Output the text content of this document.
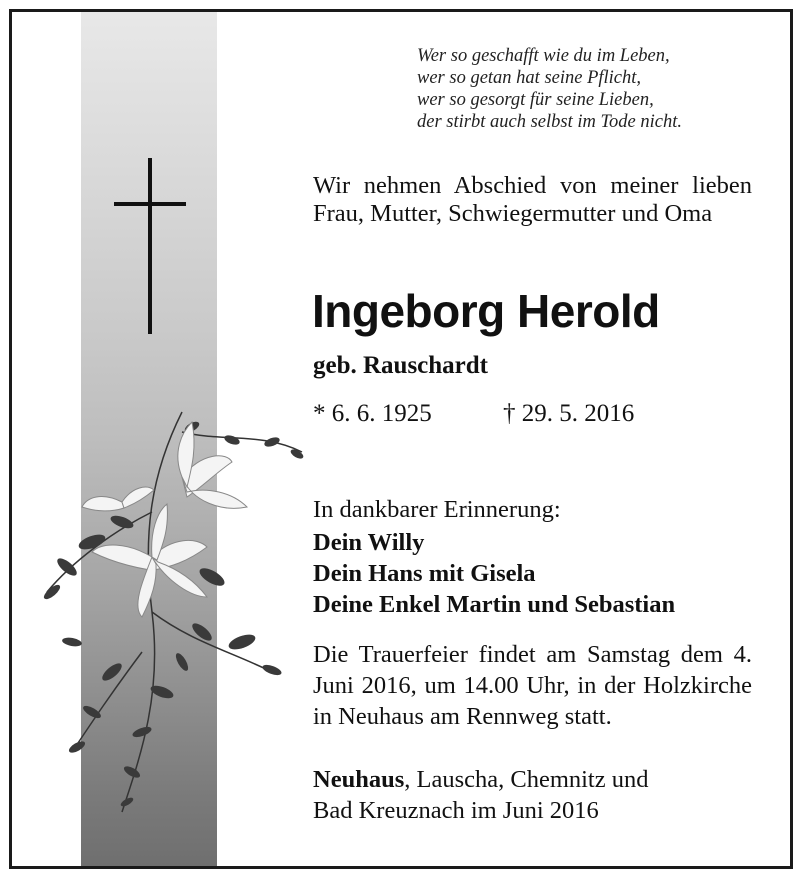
Wer so geschafft wie du im Leben,
wer so getan hat seine Pflicht,
wer so gesorgt für seine Lieben,
der stirbt auch selbst im Tode nicht.
Wir nehmen Abschied von meiner lieben Frau, Mutter, Schwiegermutter und Oma
Ingeborg Herold
geb. Rauschardt
* 6. 6. 1925	† 29. 5. 2016
In dankbarer Erinnerung:
Dein Willy
Dein Hans mit Gisela
Deine Enkel Martin und Sebastian
Die Trauerfeier findet am Samstag dem 4. Juni 2016, um 14.00 Uhr, in der Holzkirche in Neuhaus am Rennweg statt.
Neuhaus, Lauscha, Chemnitz und
Bad Kreuznach im Juni 2016
